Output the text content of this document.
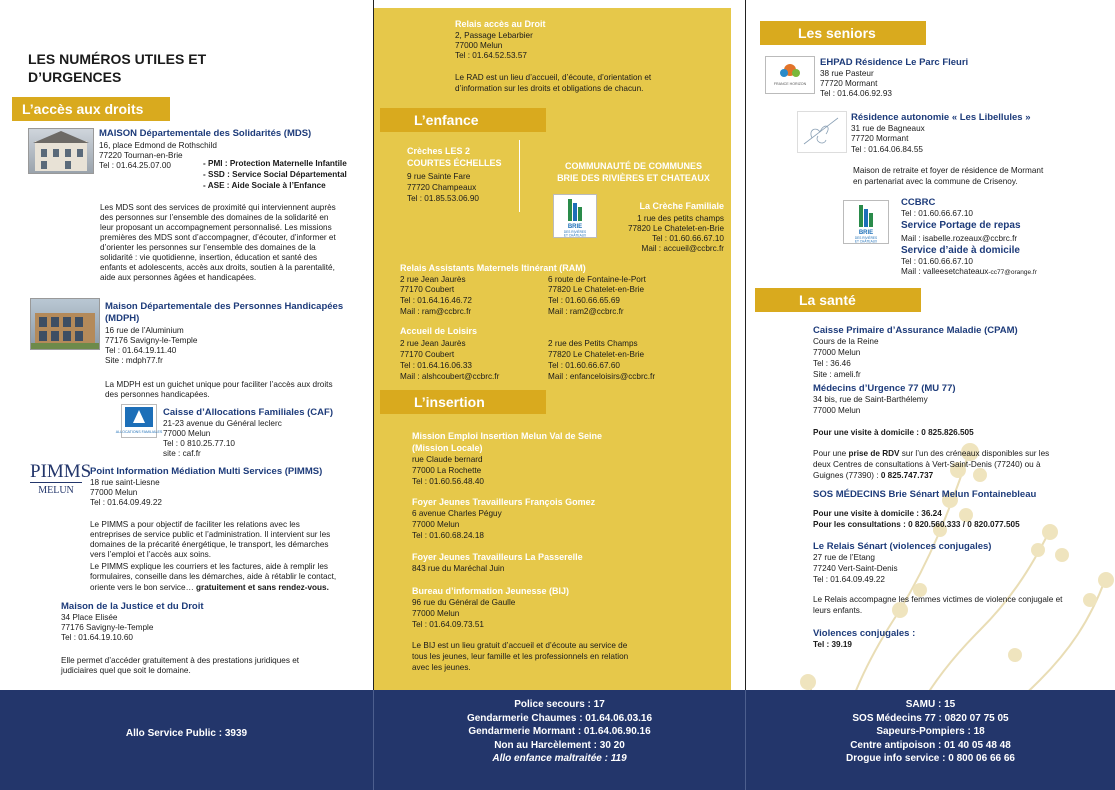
LES NUMÉROS UTILES ET
D’URGENCES
L’accès aux droits
MAISON Départementale des Solidarités (MDS)
16, place Edmond de Rothschild
77220 Tournan-en-Brie
Tel : 01.64.25.07.00	- PMI : Protection Maternelle Infantile
- SSD : Service Social Départemental
- ASE : Aide Sociale à l’Enfance
Les MDS sont des services de proximité qui interviennent auprès
des personnes sur l’ensemble des domaines de la solidarité en
leur proposant un accompagnement personnalisé. Les missions
premières des MDS sont d’accompagner, d’écouter, d’informer et
d’orienter les personnes sur l’ensemble des domaines de la
solidarité : vie quotidienne, insertion, éducation et santé des
enfants et adolescents, accès aux droits, soutien à la parentalité,
aide aux personnes âgées et handicapées.
Maison Départementale des Personnes Handicapées
(MDPH)
16 rue de l’Aluminium
77176 Savigny-le-Temple
Tel : 01.64.19.11.40
Site : mdph77.fr
La MDPH est un guichet unique pour faciliter l’accès aux droits
des personnes handicapées.
ALLOCATIONS FAMILIALES
Caisse d’Allocations Familiales (CAF)
21-23 avenue du Général leclerc
77000 Melun
Tel : 0 810.25.77.10
site : caf.fr
PIMMS
MELUN
Point Information Médiation Multi Services (PIMMS)
18 rue saint-Liesne
77000 Melun
Tel : 01.64.09.49.22
Le PIMMS a pour objectif de faciliter les relations avec les
entreprises de service public et l’administration. Il intervient sur les
domaines de la précarité énergétique, le transport, les démarches
vers l’emploi et l’accès aux soins.
Le PIMMS explique les courriers et les factures, aide à remplir les
formulaires, conseille dans les démarches, aide à rétablir le contact,
oriente vers le bon service… gratuitement et sans rendez-vous.
Maison de la Justice et du Droit
34 Place Elisée
77176 Savigny-le-Temple
Tel : 01.64.19.10.60
Elle permet d’accéder gratuitement à des prestations juridiques et
judiciaires quel que soit le domaine.
Relais accès au Droit
2, Passage Lebarbier
77000 Melun
Tel : 01.64.52.53.57
Le RAD est un lieu d’accueil, d’écoute, d’orientation et
d’information sur les droits et obligations de chacun.
L’enfance
Crèches LES 2
COURTES ÉCHELLES
9 rue Sainte Fare
77720 Champeaux
Tel : 01.85.53.06.90
COMMUNAUTÉ DE COMMUNES
BRIE DES RIVIÈRES ET CHATEAUX
BRIE
DES RIVIÈRES
ET CHÂTEAUX
La Crèche Familiale
1 rue des petits champs
77820 Le Chatelet-en-Brie
Tel : 01.60.66.67.10
Mail : accueil@ccbrc.fr
Relais Assistants Maternels Itinérant (RAM)
2 rue Jean Jaurès
77170 Coubert
Tel : 01.64.16.46.72
6 route de Fontaine-le-Port
77820 Le Chatelet-en-Brie
Tel : 01.60.66.65.69
Mail : ram@ccbrc.fr	Mail : ram2@ccbrc.fr
Accueil de Loisirs
2 rue Jean Jaurès
77170 Coubert
Tel : 01.64.16.06.33
Mail : alshcoubert@ccbrc.fr
2 rue des Petits Champs
77820 Le Chatelet-en-Brie
Tel : 01.60.66.67.60
Mail : enfanceloisirs@ccbrc.fr
L’insertion
Mission Emploi Insertion Melun Val de Seine
(Mission Locale)
rue Claude bernard
77000 La Rochette
Tel : 01.60.56.48.40
Foyer Jeunes Travailleurs François Gomez
6 avenue Charles Péguy
77000 Melun
Tel : 01.60.68.24.18
Foyer Jeunes Travailleurs La Passerelle
843 rue du Maréchal Juin
Bureau d’information Jeunesse (BIJ)
96 rue du Général de Gaulle
77000 Melun
Tel : 01.64.09.73.51
Le BIJ est un lieu gratuit d’accueil et d’écoute au service de
tous les jeunes, leur famille et les professionnels en relation
avec les jeunes.
Les seniors
FRANCE HORIZON
EHPAD Résidence Le Parc Fleuri
38 rue Pasteur
77720 Mormant
Tel : 01.64.06.92.93
Résidence autonomie « Les Libellules »
31 rue de Bagneaux
77720 Mormant
Tel : 01.64.06.84.55
Maison de retraite et foyer de résidence de Mormant
en partenariat avec la commune de Crisenoy.
BRIE
DES RIVIÈRES
ET CHÂTEAUX
CCBRC
Tel : 01.60.66.67.10
Service Portage de repas
Mail : isabelle.rozeaux@ccbrc.fr
Service d’aide à domicile
Tel : 01.60.66.67.10
Mail : valleesetchateaux-cc77@orange.fr
La santé
Caisse Primaire d’Assurance Maladie (CPAM)
Cours de la Reine
77000 Melun
Tel : 36.46
Site : ameli.fr
Médecins d’Urgence 77 (MU 77)
34 bis, rue de Saint-Barthélemy
77000 Melun
Pour une visite à domicile : 0 825.826.505
Pour une prise de RDV sur l’un des créneaux disponibles sur les
deux Centres de consultations à Vert-Saint-Denis (77240) ou à
Guignes (77390) : 0 825.747.737
SOS MÉDECINS Brie Sénart Melun Fontainebleau
Pour une visite à domicile : 36.24
Pour les consultations : 0 820.560.333 / 0 820.077.505
Le Relais Sénart (violences conjugales)
27 rue de l’Etang
77240 Vert-Saint-Denis
Tel : 01.64.09.49.22
Le Relais accompagne les femmes victimes de violence conjugale et
leurs enfants.
Violences conjugales :
Tel : 39.19
Allo Service Public : 3939
Police secours : 17
Gendarmerie Chaumes : 01.64.06.03.16
Gendarmerie Mormant : 01.64.06.90.16
Non au Harcèlement : 30 20
Allo enfance maltraitée : 119
SAMU : 15
SOS Médecins 77 : 0820 07 75 05
Sapeurs-Pompiers : 18
Centre antipoison : 01 40 05 48 48
Drogue info service : 0 800 06 66 66
